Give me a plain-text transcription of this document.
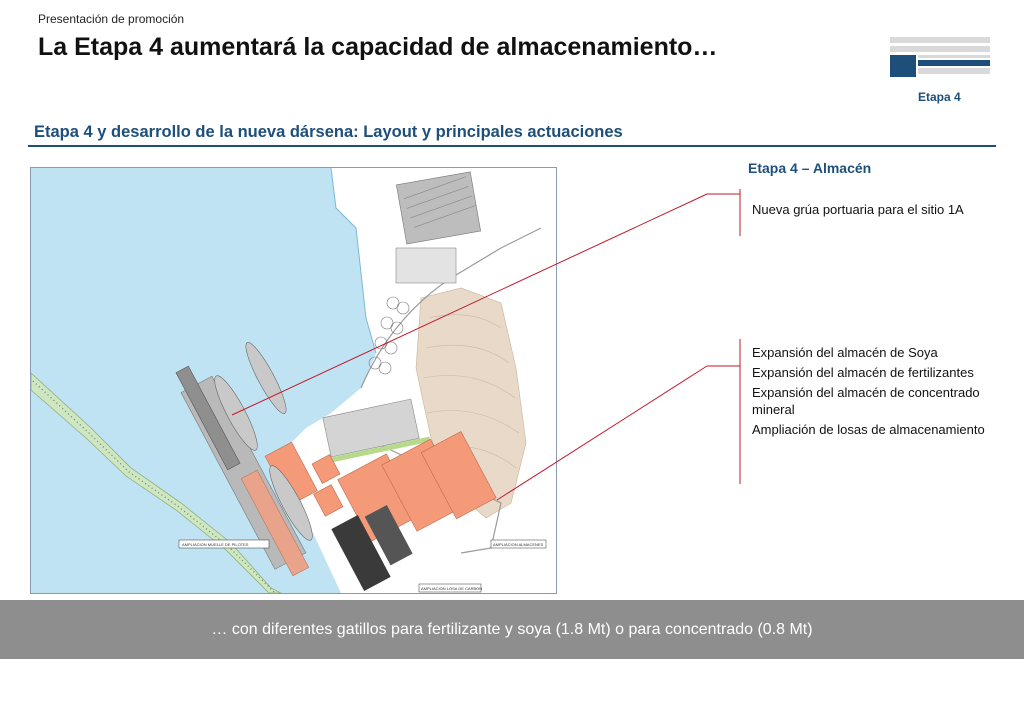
Presentación de promoción
La Etapa 4 aumentará la capacidad de almacenamiento…
Etapa 4
Etapa 4 y desarrollo de la nueva dársena: Layout y principales actuaciones
AMPLIACION MUELLE DE PILOTES	AMPLIACION ALMACENES
AMPLIACION LOSA DE CARBON
Etapa 4 – Almacén
Nueva grúa portuaria para el sitio 1A
Expansión del almacén de Soya
Expansión del almacén de fertilizantes
Expansión del almacén de concentrado mineral
Ampliación de losas de almacenamiento
… con diferentes gatillos para fertilizante y soya (1.8 Mt) o para concentrado (0.8 Mt)
